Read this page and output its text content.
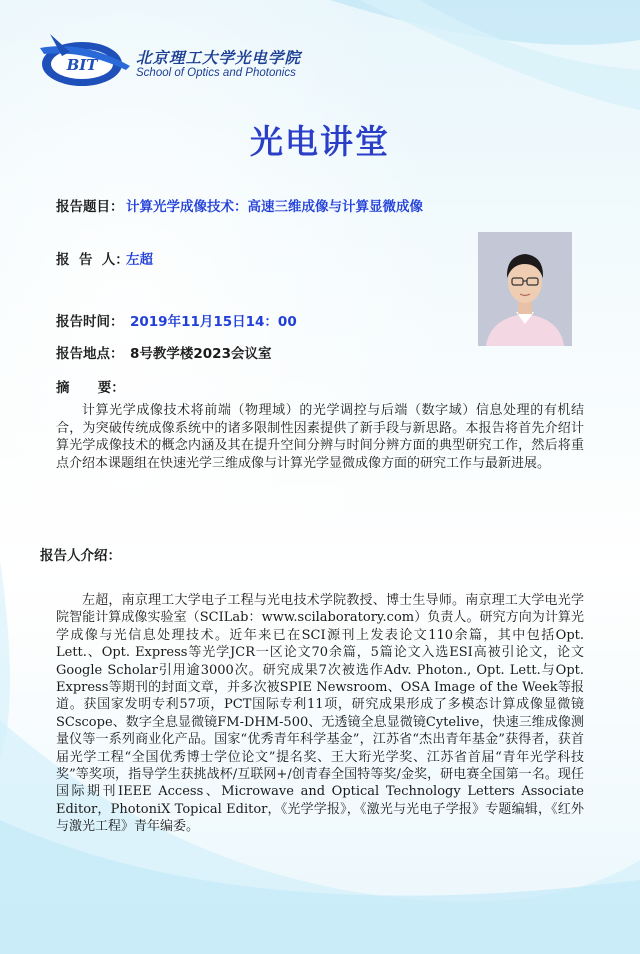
BIT 北京理工大学光电学院
School of Optics and Photonics
光电讲堂
报告题目： 计算光学成像技术：高速三维成像与计算显微成像
报  告  人：
左超
报告时间： 2019年11月15日14：00
报告地点： 8号教学楼2023会议室
摘      要：

计算光学成像技术将前端（物理域）的光学调控与后端（数字域）信息处理的有机结合，为突破传统成像系统中的诸多限制性因素提供了新手段与新思路。本报告将首先介绍计算光学成像技术的概念内涵及其在提升空间分辨与时间分辨方面的典型研究工作，然后将重点介绍本课题组在快速光学三维成像与计算光学显微成像方面的研究工作与最新进展。

报告人介绍：

左超，南京理工大学电子工程与光电技术学院教授、博士生导师。南京理工大学电光学院智能计算成像实验室（SCILab：www.scilaboratory.com）负责人。研究方向为计算光学成像与光信息处理技术。近年来已在SCI源刊上发表论文110余篇，其中包括Opt. Lett.、Opt. Express等光学JCR一区论文70余篇，5篇论文入选ESI高被引论文，论文Google Scholar引用逾3000次。研究成果7次被选作Adv. Photon., Opt. Lett.与Opt. Express等期刊的封面文章，并多次被SPIE Newsroom、OSA Image of the Week等报道。获国家发明专利57项，PCT国际专利11项，研究成果形成了多模态计算成像显微镜SCscope、数字全息显微镜FM-DHM-500、无透镜全息显微镜Cytelive，快速三维成像测量仪等一系列商业化产品。国家“优秀青年科学基金”，江苏省“杰出青年基金”获得者，获首届光学工程“全国优秀博士学位论文”提名奖、王大珩光学奖、江苏省首届“青年光学科技奖”等奖项，指导学生获挑战杯/互联网+/创青春全国特等奖/金奖，研电赛全国第一名。现任国际期刊IEEE Access、Microwave and Optical Technology Letters Associate Editor，PhotoniX Topical Editor，《光学学报》，《激光与光电子学报》专题编辑，《红外与激光工程》青年编委。
